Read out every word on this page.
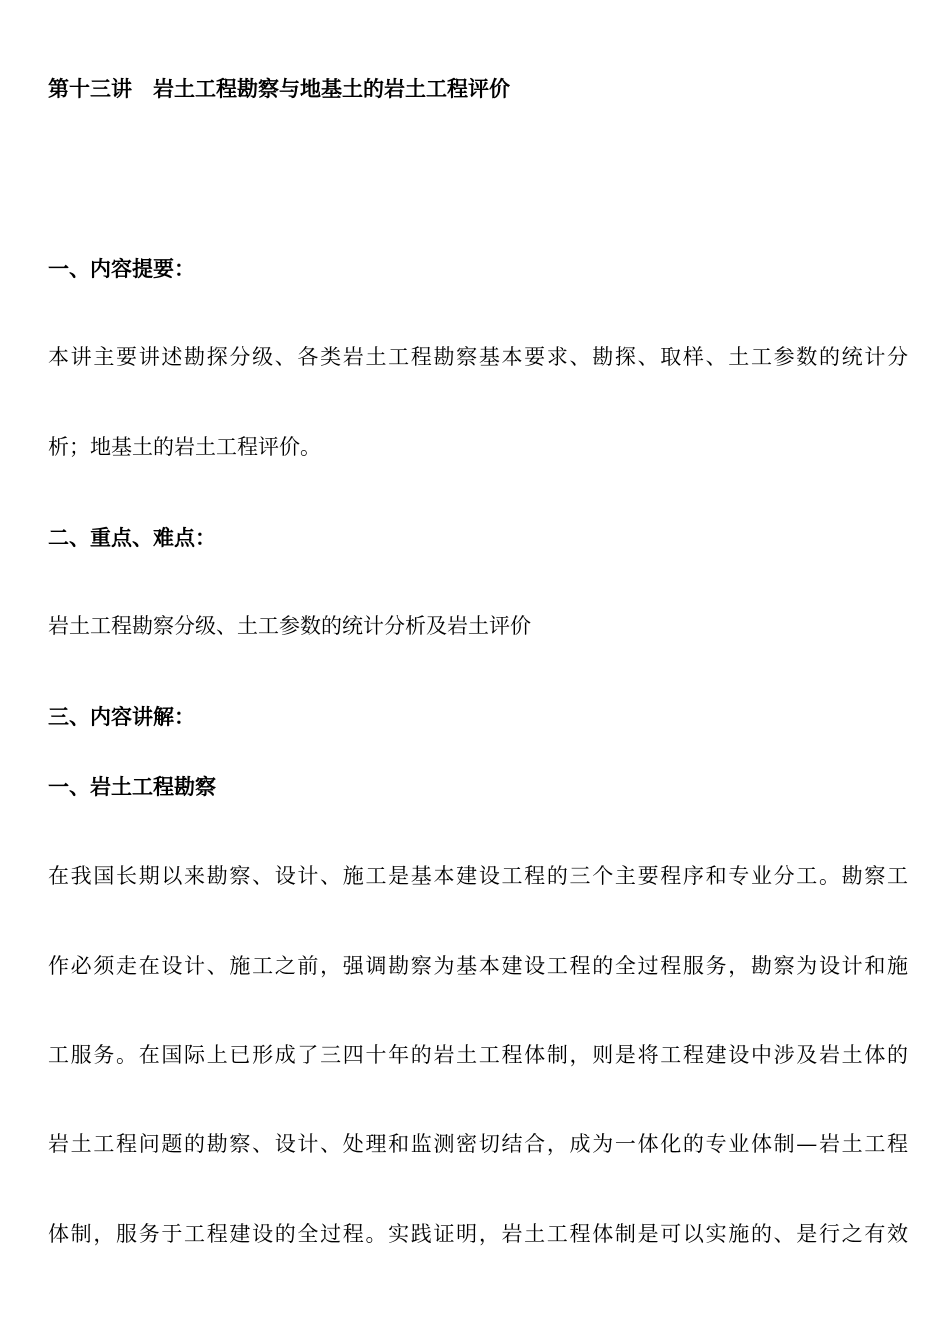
第十三讲　岩土工程勘察与地基土的岩土工程评价
一、内容提要：
本讲主要讲述勘探分级、各类岩土工程勘察基本要求、勘探、取样、土工参数的统计分
析；地基土的岩土工程评价。
二、重点、难点：
岩土工程勘察分级、土工参数的统计分析及岩土评价
三、内容讲解：
一、岩土工程勘察
在我国长期以来勘察、设计、施工是基本建设工程的三个主要程序和专业分工。勘察工
作必须走在设计、施工之前，强调勘察为基本建设工程的全过程服务，勘察为设计和施
工服务。在国际上已形成了三四十年的岩土工程体制，则是将工程建设中涉及岩土体的
岩土工程问题的勘察、设计、处理和监测密切结合，成为一体化的专业体制—岩土工程
体制，服务于工程建设的全过程。实践证明，岩土工程体制是可以实施的、是行之有效
